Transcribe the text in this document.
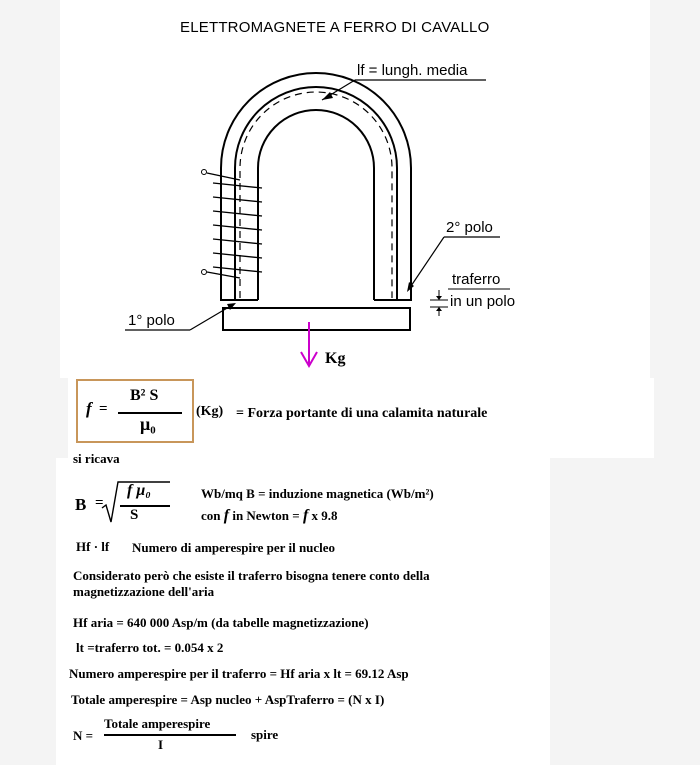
ELETTROMAGNETE A FERRO DI CAVALLO
lf = lungh. media
2° polo
1° polo
traferro
in un polo
Kg
f =
B² S
μ₀
(Kg) = Forza portante di una calamita naturale
si ricava
B =
f μ₀
S
Wb/mq B = induzione magnetica (Wb/m²)
con f in Newton = f x 9.8
Hf · lf Numero di amperespire per il nucleo
Considerato però che esiste il traferro bisogna tenere conto della
magnetizzazione dell'aria
Hf aria = 640 000 Asp/m (da tabelle magnetizzazione)
lt =traferro tot. = 0.054 x 2
Numero amperespire per il traferro = Hf aria x lt = 69.12 Asp
Totale amperespire = Asp nucleo + AspTraferro = (N x I)
N =
Totale amperespire
I
spire
